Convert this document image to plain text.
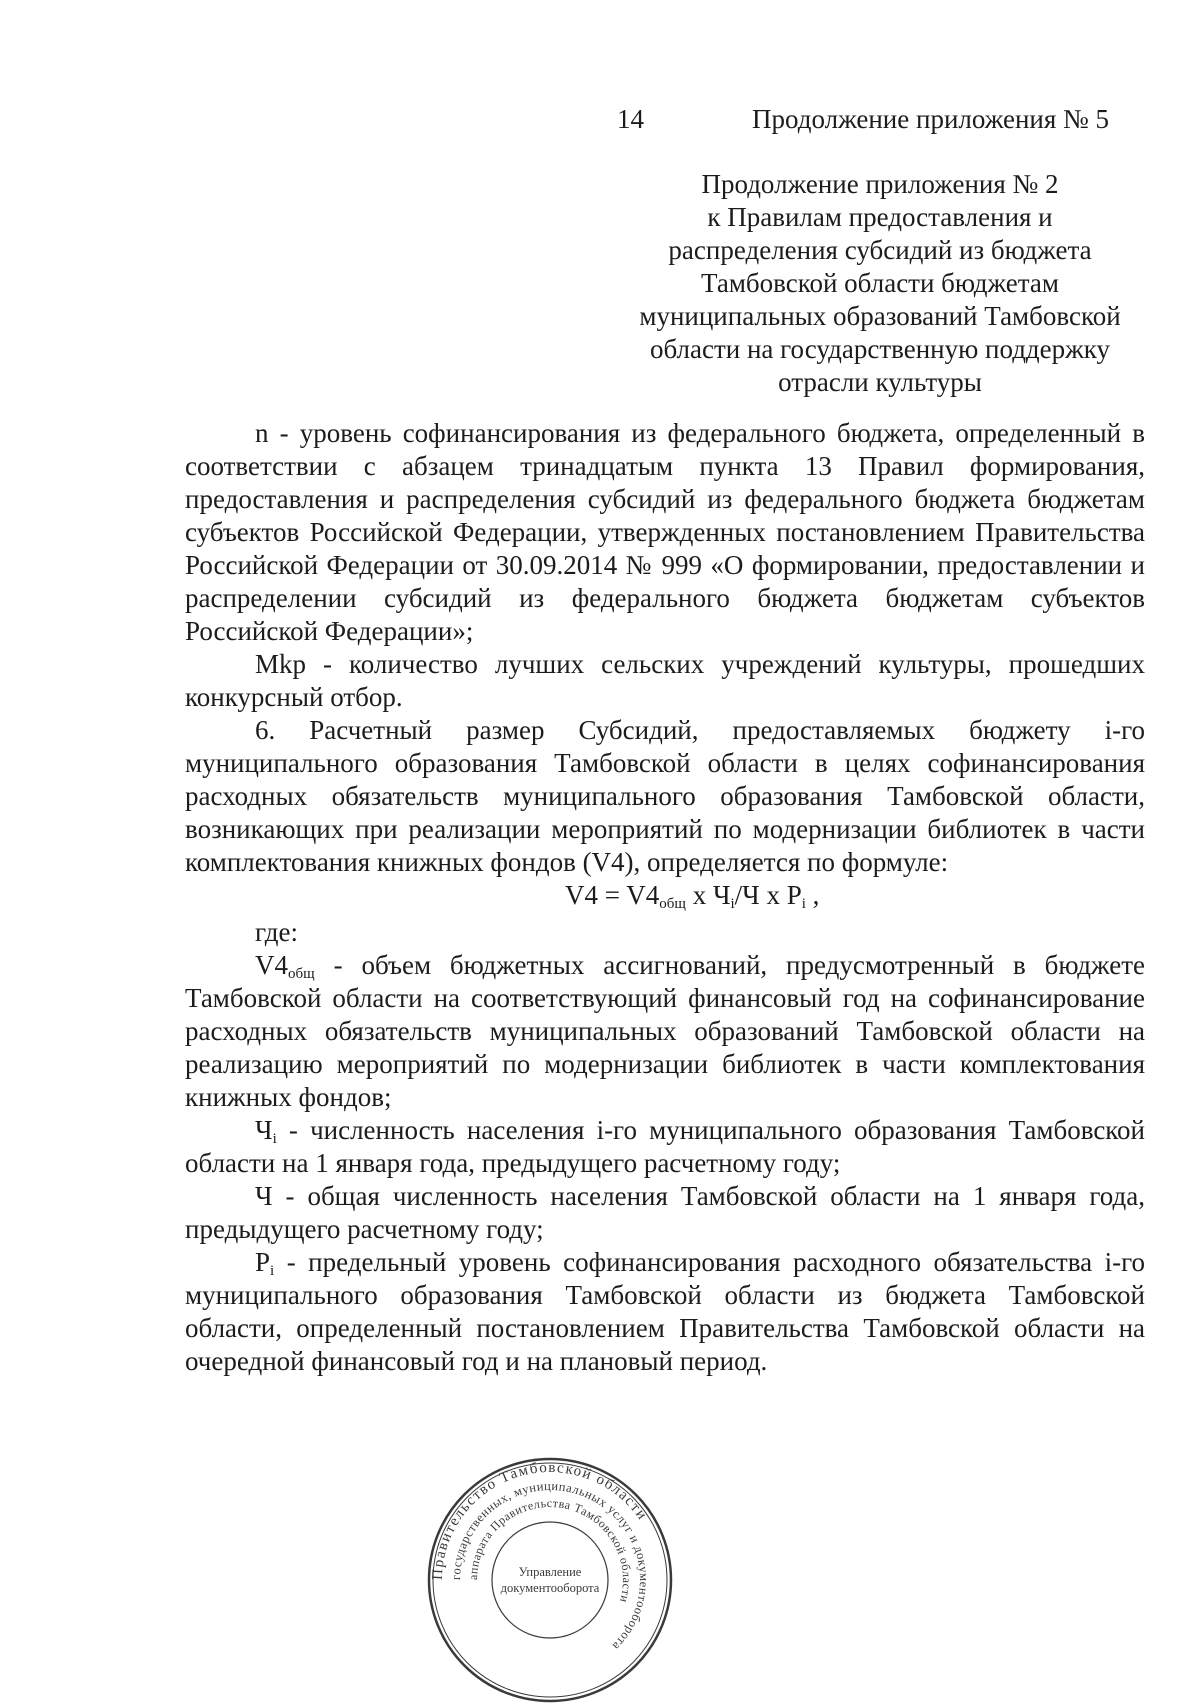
14	Продолжение приложения № 5
Продолжение приложения № 2
к Правилам предоставления и
распределения субсидий из бюджета
Тамбовской области бюджетам
муниципальных образований Тамбовской
области на государственную поддержку
отрасли культуры

n - уровень софинансирования из федерального бюджета, определенный в соответствии с абзацем тринадцатым пункта 13 Правил формирования, предоставления и распределения субсидий из федерального бюджета бюджетам субъектов Российской Федерации, утвержденных постановлением Правительства Российской Федерации от 30.09.2014 № 999 «О формировании, предоставлении и распределении субсидий из федерального бюджета бюджетам субъектов Российской Федерации»;

Мkр - количество лучших сельских учреждений культуры, прошедших конкурсный отбор.

6. Расчетный размер Субсидий, предоставляемых бюджету i-го муниципального образования Тамбовской области в целях софинансирования расходных обязательств муниципального образования Тамбовской области, возникающих при реализации мероприятий по модернизации библиотек в части комплектования книжных фондов (V4), определяется по формуле:

$V4 = V4_{общ}$ x $Ч_i/Ч$ x $P_i$ ,

где:

$V4_{общ}$ - объем бюджетных ассигнований, предусмотренный в бюджете Тамбовской области на соответствующий финансовый год на софинансирование расходных обязательств муниципальных образований Тамбовской области на реализацию мероприятий по модернизации библиотек в части комплектования книжных фондов;

$Ч_i$ - численность населения i-го муниципального образования Тамбовской области на 1 января года, предыдущего расчетному году;

Ч - общая численность населения Тамбовской области на 1 января года, предыдущего расчетному году;

$P_i$ - предельный уровень софинансирования расходного обязательства i-го муниципального образования Тамбовской области из бюджета Тамбовской области, определенный постановлением Правительства Тамбовской области на очередной финансовый год и на плановый период.

Правительство Тамбовской области
государственных, муниципальных услуг и документооборота
аппарата Правительства Тамбовской области
Управление
документооборота
